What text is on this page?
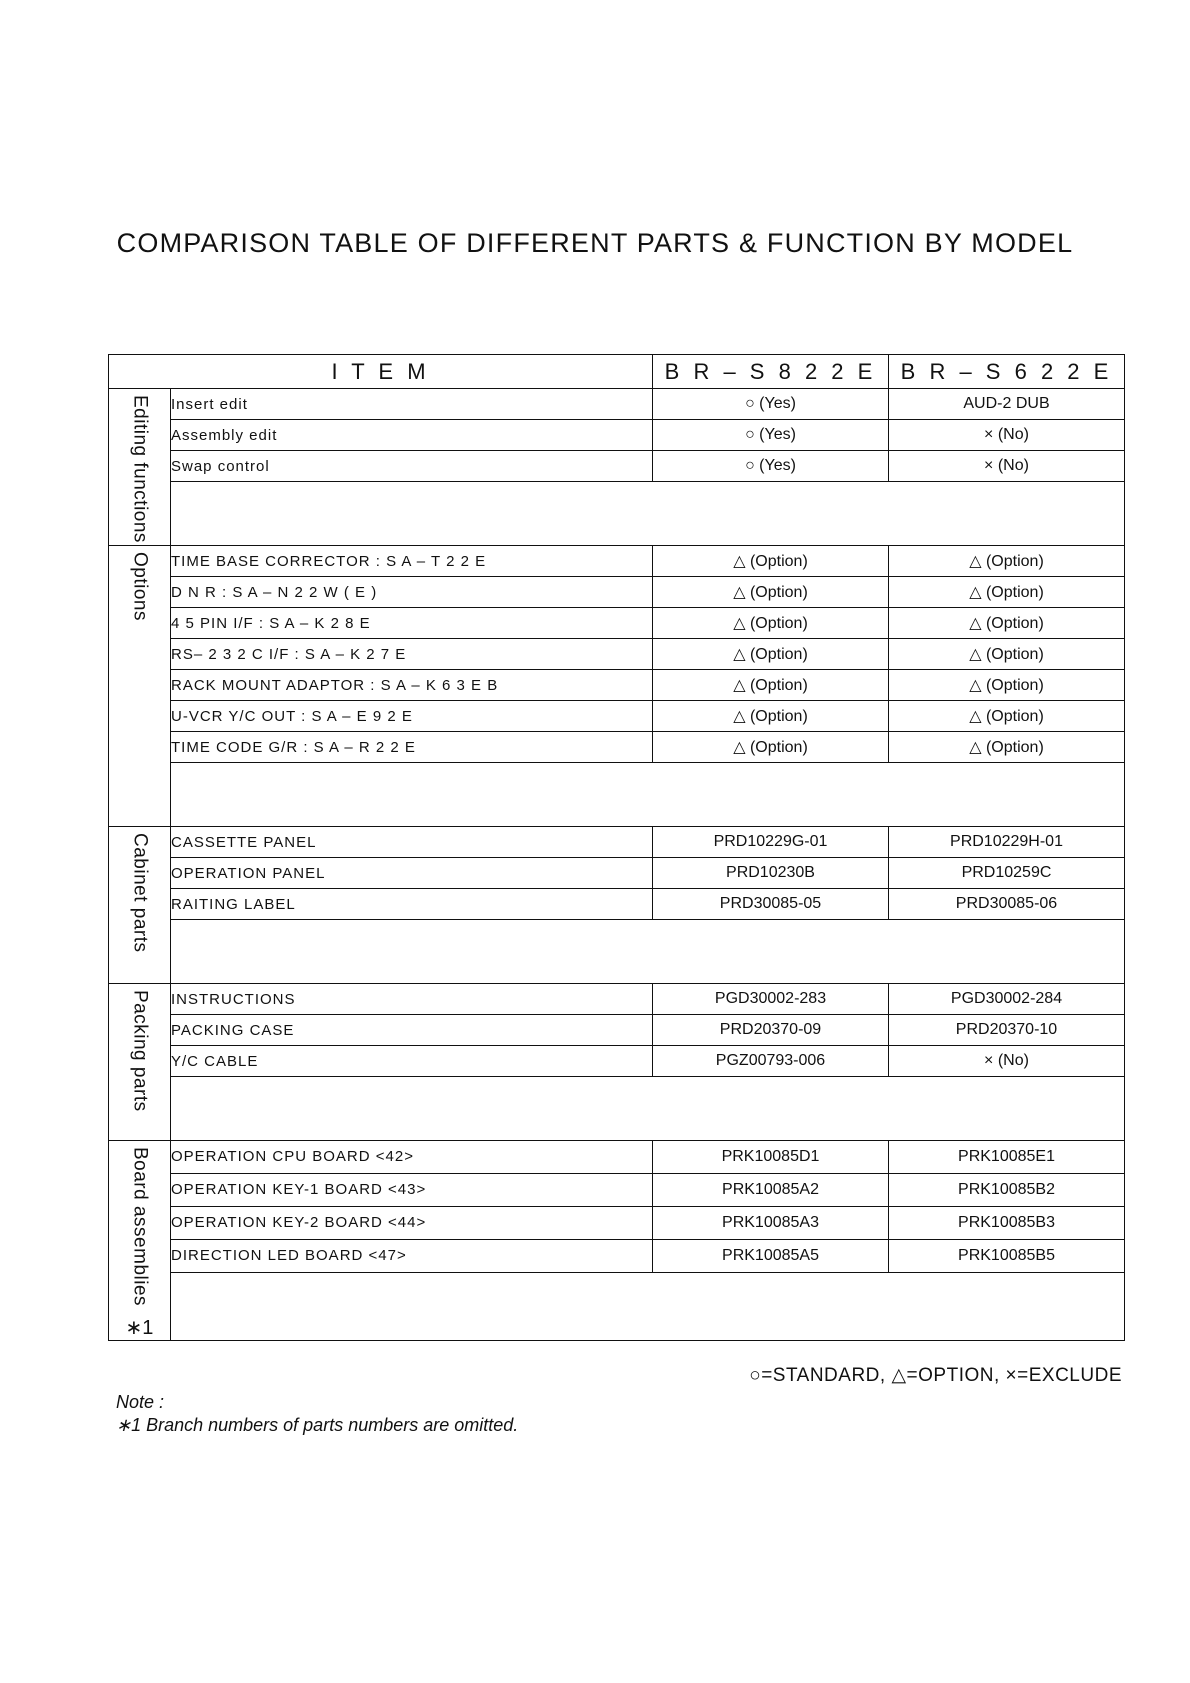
COMPARISON TABLE OF DIFFERENT PARTS & FUNCTION BY MODEL
I T E M		B R – S 8 2 2 E	B R – S 6 2 2 E
Editing functions	Insert edit	○ (Yes)	AUD-2 DUB
	Assembly edit	○ (Yes)	× (No)
	Swap control	○ (Yes)	× (No)

Options	TIME BASE CORRECTOR : S A – T 2 2 E	△ (Option)	△ (Option)
	D N R : S A – N 2 2 W ( E )	△ (Option)	△ (Option)
	4 5 PIN I/F : S A – K 2 8 E	△ (Option)	△ (Option)
	RS– 2 3 2 C I/F : S A – K 2 7 E	△ (Option)	△ (Option)
	RACK MOUNT ADAPTOR : S A – K 6 3 E B	△ (Option)	△ (Option)
	U-VCR Y/C OUT : S A – E 9 2 E	△ (Option)	△ (Option)
	TIME CODE G/R : S A – R 2 2 E	△ (Option)	△ (Option)

Cabinet parts	CASSETTE PANEL	PRD10229G-01	PRD10229H-01
	OPERATION PANEL	PRD10230B	PRD10259C
	RAITING LABEL	PRD30085-05	PRD30085-06

Packing parts	INSTRUCTIONS	PGD30002-283	PGD30002-284
	PACKING CASE	PRD20370-09	PRD20370-10
	Y/C CABLE	PGZ00793-006	× (No)

Board assemblies
∗1	OPERATION CPU BOARD <42>	PRK10085D1	PRK10085E1
	OPERATION KEY-1 BOARD <43>	PRK10085A2	PRK10085B2
	OPERATION KEY-2 BOARD <44>	PRK10085A3	PRK10085B3
	DIRECTION LED BOARD <47>	PRK10085A5	PRK10085B5

○=STANDARD, △=OPTION, ×=EXCLUDE
Note :
∗1 Branch numbers of parts numbers are omitted.
